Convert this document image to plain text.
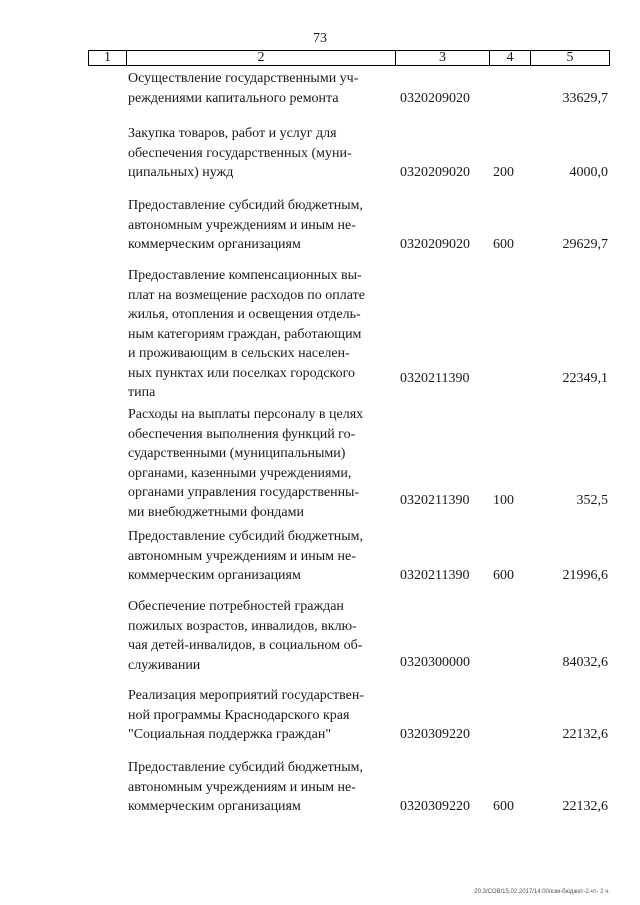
73
1	2	3	4	5
Осуществление государственными уч-
реждениями капитального ремонта	0320209020	33629,7
Закупка товаров, работ и услуг для
обеспечения государственных (муни-
ципальных) нужд	0320209020 200	4000,0
Предоставление субсидий бюджетным,
автономным учреждениям и иным не-
коммерческим организациям	0320209020 600	29629,7
Предоставление компенсационных вы-
плат на возмещение расходов по оплате
жилья, отопления и освещения отдель-
ным категориям граждан, работающим
и проживающим в сельских населен-
ных пунктах или поселках городского
типа
0320211390	22349,1
Расходы на выплаты персоналу в целях
обеспечения выполнения функций го-
сударственными (муниципальными)
органами, казенными учреждениями,
органами управления государственны-
ми внебюджетными фондами
0320211390 100	352,5
Предоставление субсидий бюджетным,
автономным учреждениям и иным не-
коммерческим организациям	0320211390 600	21996,6
Обеспечение потребностей граждан
пожилых возрастов, инвалидов, вклю-
чая детей-инвалидов, в социальном об-
служивании	0320300000	84032,6
Реализация мероприятий государствен-
ной программы Краснодарского края
"Социальная поддержка граждан"	0320309220	22132,6
Предоставление субсидий бюджетным,
автономным учреждениям и иным не-
коммерческим организациям	0320309220 600	22132,6
20.3/СОВ/15.02.2017/14:00/кзм-бюджет-2-чт- 2 ч.
